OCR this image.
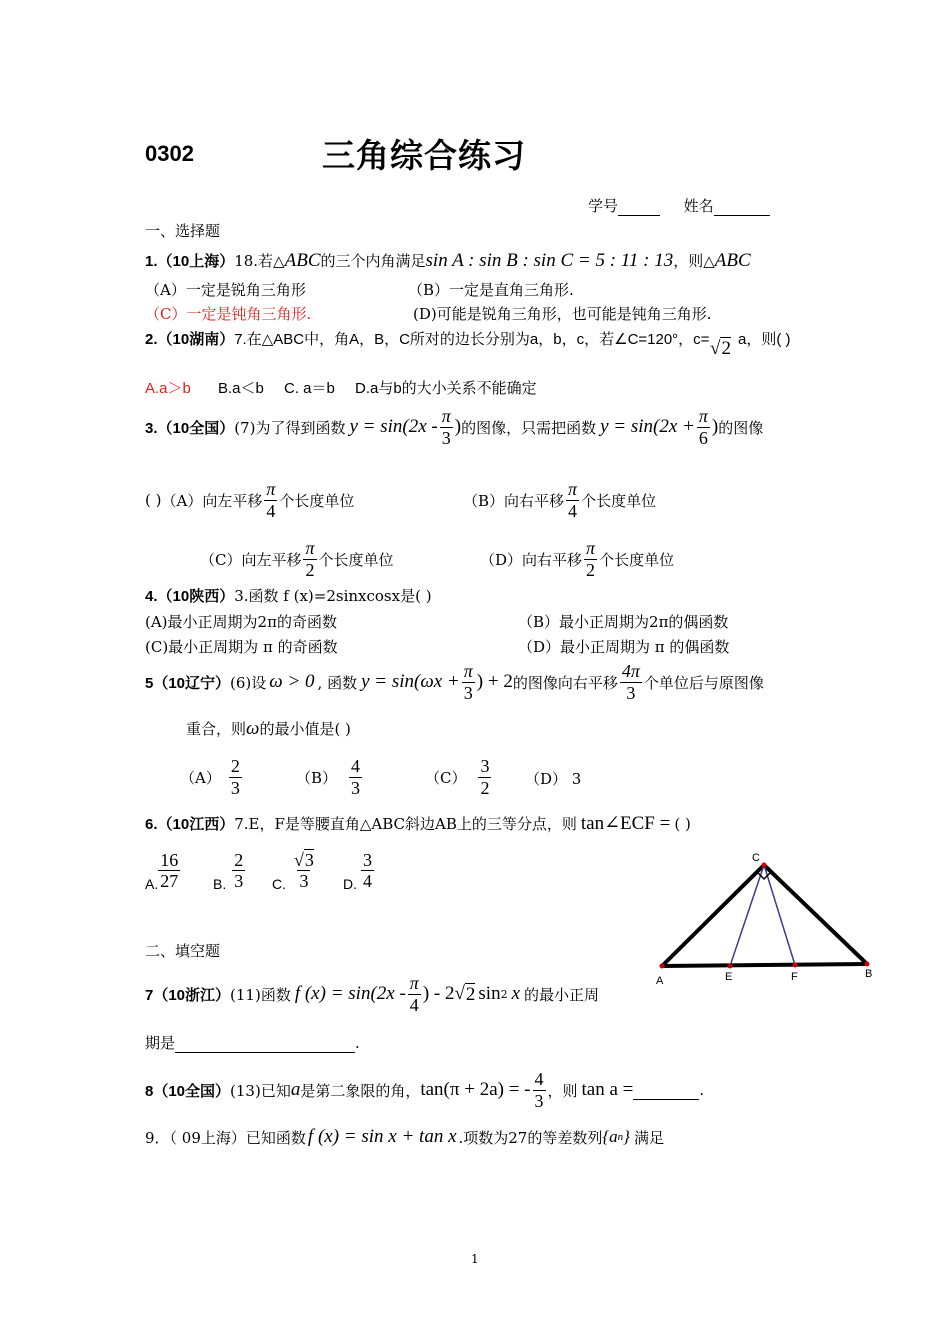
0302	三角综合练习
学号	姓名
一、选择题
1.（10上海）18.若△ABC的三个内角满足sin A : sin B : sin C = 5 : 11 : 13，则△ABC
（A）一定是锐角三角形	（B）一定是直角三角形.
（C）一定是钝角三角形.	(D)可能是锐角三角形，也可能是钝角三角形.
2.（10湖南）7.在△ABC中，角A，B，C所对的边长分别为a，b，c，若∠C=120°，c= √2 a，则( )
A.a＞b B.a＜b C. a＝b D.a与b的大小关系不能确定
3.（10全国） (7)为了得到函数 $y = \sin(2x - \frac{\pi}{3}$ ) 的图像，只需把函数 $y = \sin(2x + \frac{\pi}{6}$ ) 的图像
( ) （A）向左平移 $\frac{\pi}{4}$ 个长度单位	（B）向右平移 $\frac{\pi}{4}$ 个长度单位
（C）向左平移 $\frac{\pi}{2}$ 个长度单位	（D）向右平移 $\frac{\pi}{2}$ 个长度单位
4.（10陕西）3.函数 f (x)=2sinxcosx是( )
(A)最小正周期为2π的奇函数	（B）最小正周期为2π的偶函数
(C)最小正周期为 π 的奇函数	（D）最小正周期为 π 的偶函数
5（10辽宁） (6)设 ω > 0 , 函数 $y = \sin(\omega x + \frac{\pi}{3}$ ) + 2 的图像向右平移 $\frac{4\pi}{3}$ 个单位后与原图像
重合，则ω的最小值是( )
$(A) \frac{2}{3}$	$(B) \frac{4}{3}$	$(C) \frac{3}{2} (D)$ 3
6.（10江西）7.E，F是等腰直角△ABC斜边AB上的三等分点，则 tan∠ECF = ( )
A. $\frac{16}{27} B$. $\frac{2}{3} C$. $\frac{√3}{3} D$. $\frac{3}{4}$	C
A	E	F	B
二、填空题
7（10浙江） (11)函数 f $(x) = \sin(2x - \frac{\pi}{4}$ ) - 2 √ 2 sin 2 x 的最小正周
期是	.
8（10全国） (13)已知 a 是第二象限的角， tan(π + 2a) = - $\frac{4}{3}$ ，则 tan a =
	.
9．（ 09上海） 已知函数 f (x) = sin x + tan x .项数为27的等差数列 {a n } 满足
1
